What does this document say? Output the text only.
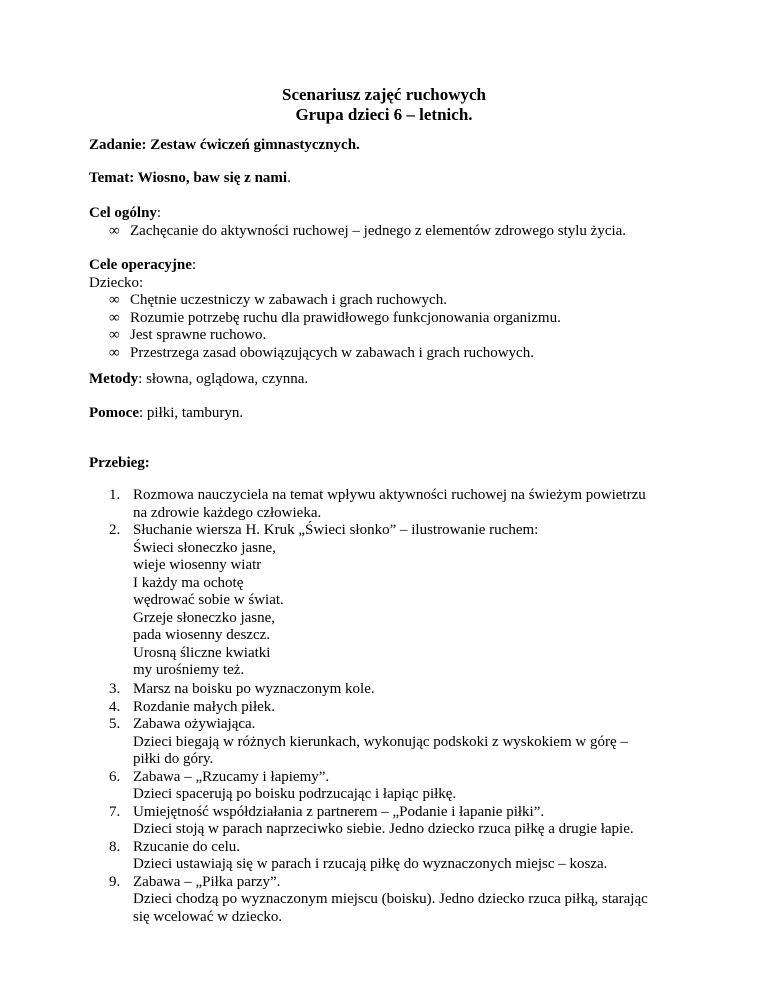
Scenariusz zajęć ruchowych
Grupa dzieci 6 – letnich.
Zadanie: Zestaw ćwiczeń gimnastycznych.
Temat: Wiosno, baw się z nami.
Cel ogólny:
∞ Zachęcanie do aktywności ruchowej – jednego z elementów zdrowego stylu życia.
Cele operacyjne:
Dziecko:
∞ Chętnie uczestniczy w zabawach i grach ruchowych.
∞ Rozumie potrzebę ruchu dla prawidłowego funkcjonowania organizmu.
∞ Jest sprawne ruchowo.
∞ Przestrzega zasad obowiązujących w zabawach i grach ruchowych.
Metody: słowna, oglądowa, czynna.
Pomoce: piłki, tamburyn.
Przebieg:
1. Rozmowa nauczyciela na temat wpływu aktywności ruchowej na świeżym powietrzu
na zdrowie każdego człowieka.
2. Słuchanie wiersza H. Kruk „Świeci słonko” – ilustrowanie ruchem:
Świeci słoneczko jasne,
wieje wiosenny wiatr
I każdy ma ochotę
wędrować sobie w świat.
Grzeje słoneczko jasne,
pada wiosenny deszcz.
Urosną śliczne kwiatki
my urośniemy też.
3. Marsz na boisku po wyznaczonym kole.
4. Rozdanie małych piłek.
5. Zabawa ożywiająca.
Dzieci biegają w różnych kierunkach, wykonując podskoki z wyskokiem w górę –
piłki do góry.
6. Zabawa – „Rzucamy i łapiemy”.
Dzieci spacerują po boisku podrzucając i łapiąc piłkę.
7. Umiejętność współdziałania z partnerem – „Podanie i łapanie piłki”.
Dzieci stoją w parach naprzeciwko siebie. Jedno dziecko rzuca piłkę a drugie łapie.
8. Rzucanie do celu.
Dzieci ustawiają się w parach i rzucają piłkę do wyznaczonych miejsc – kosza.
9. Zabawa – „Piłka parzy”.
Dzieci chodzą po wyznaczonym miejscu (boisku). Jedno dziecko rzuca piłką, starając
się wcelować w dziecko.
